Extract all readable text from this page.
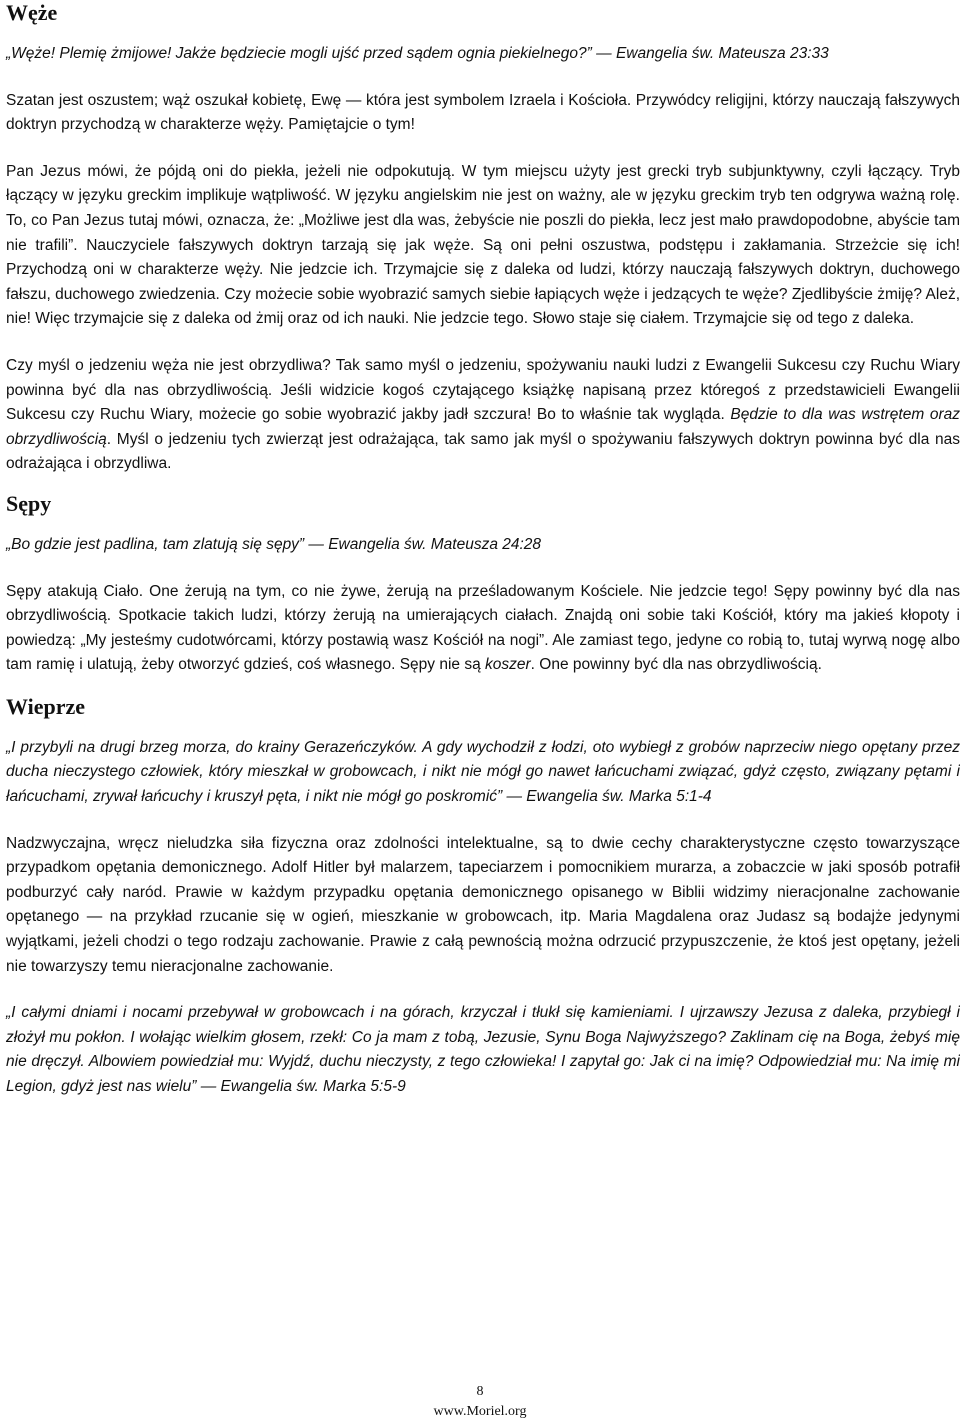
Węże

„Węże! Plemię żmijowe! Jakże będziecie mogli ujść przed sądem ognia piekielnego?” ― Ewangelia św. Mateusza 23:33

Szatan jest oszustem; wąż oszukał kobietę, Ewę ― która jest symbolem Izraela i Kościoła. Przywódcy religijni, którzy nauczają fałszywych doktryn przychodzą w charakterze węży. Pamiętajcie o tym!

Pan Jezus mówi, że pójdą oni do piekła, jeżeli nie odpokutują. W tym miejscu użyty jest grecki tryb subjunktywny, czyli łączący. Tryb łączący w języku greckim implikuje wątpliwość. W języku angielskim nie jest on ważny, ale w języku greckim tryb ten odgrywa ważną rolę. To, co Pan Jezus tutaj mówi, oznacza, że: „Możliwe jest dla was, żebyście nie poszli do piekła, lecz jest mało prawdopodobne, abyście tam nie trafili”. Nauczyciele fałszywych doktryn tarzają się jak węże. Są oni pełni oszustwa, podstępu i zakłamania. Strzeżcie się ich! Przychodzą oni w charakterze węży. Nie jedzcie ich. Trzymajcie się z daleka od ludzi, którzy nauczają fałszywych doktryn, duchowego fałszu, duchowego zwiedzenia. Czy możecie sobie wyobrazić samych siebie łapiących węże i jedzących te węże? Zjedlibyście żmiję? Ależ, nie! Więc trzymajcie się z daleka od żmij oraz od ich nauki. Nie jedzcie tego. Słowo staje się ciałem. Trzymajcie się od tego z daleka.

Czy myśl o jedzeniu węża nie jest obrzydliwa? Tak samo myśl o jedzeniu, spożywaniu nauki ludzi z Ewangelii Sukcesu czy Ruchu Wiary powinna być dla nas obrzydliwością. Jeśli widzicie kogoś czytającego książkę napisaną przez któregoś z przedstawicieli Ewangelii Sukcesu czy Ruchu Wiary, możecie go sobie wyobrazić jakby jadł szczura! Bo to właśnie tak wygląda. Będzie to dla was wstrętem oraz obrzydliwością. Myśl o jedzeniu tych zwierząt jest odrażająca, tak samo jak myśl o spożywaniu fałszywych doktryn powinna być dla nas odrażająca i obrzydliwa.

Sępy

„Bo gdzie jest padlina, tam zlatują się sępy” ― Ewangelia św. Mateusza 24:28

Sępy atakują Ciało. One żerują na tym, co nie żywe, żerują na prześladowanym Kościele. Nie jedzcie tego! Sępy powinny być dla nas obrzydliwością. Spotkacie takich ludzi, którzy żerują na umierających ciałach. Znajdą oni sobie taki Kościół, który ma jakieś kłopoty i powiedzą: „My jesteśmy cudotwórcami, którzy postawią wasz Kościół na nogi”. Ale zamiast tego, jedyne co robią to, tutaj wyrwą nogę albo tam ramię i ulatują, żeby otworzyć gdzieś, coś własnego. Sępy nie są koszer. One powinny być dla nas obrzydliwością.

Wieprze

„I przybyli na drugi brzeg morza, do krainy Gerazeńczyków. A gdy wychodził z łodzi, oto wybiegł z grobów naprzeciw niego opętany przez ducha nieczystego człowiek, który mieszkał w grobowcach, i nikt nie mógł go nawet łańcuchami związać, gdyż często, związany pętami i łańcuchami, zrywał łańcuchy i kruszył pęta, i nikt nie mógł go poskromić” ― Ewangelia św. Marka 5:1-4

Nadzwyczajna, wręcz nieludzka siła fizyczna oraz zdolności intelektualne, są to dwie cechy charakterystyczne często towarzyszące przypadkom opętania demonicznego. Adolf Hitler był malarzem, tapeciarzem i pomocnikiem murarza, a zobaczcie w jaki sposób potrafił podburzyć cały naród. Prawie w każdym przypadku opętania demonicznego opisanego w Biblii widzimy nieracjonalne zachowanie opętanego ― na przykład rzucanie się w ogień, mieszkanie w grobowcach, itp. Maria Magdalena oraz Judasz są bodajże jedynymi wyjątkami, jeżeli chodzi o tego rodzaju zachowanie. Prawie z całą pewnością można odrzucić przypuszczenie, że ktoś jest opętany, jeżeli nie towarzyszy temu nieracjonalne zachowanie.

„I całymi dniami i nocami przebywał w grobowcach i na górach, krzyczał i tłukł się kamieniami. I ujrzawszy Jezusa z daleka, przybiegł i złożył mu pokłon. I wołając wielkim głosem, rzekł: Co ja mam z tobą, Jezusie, Synu Boga Najwyższego? Zaklinam cię na Boga, żebyś mię nie dręczył. Albowiem powiedział mu: Wyjdź, duchu nieczysty, z tego człowieka! I zapytał go: Jak ci na imię? Odpowiedział mu: Na imię mi Legion, gdyż jest nas wielu” ― Ewangelia św. Marka 5:5-9

8
www.Moriel.org
